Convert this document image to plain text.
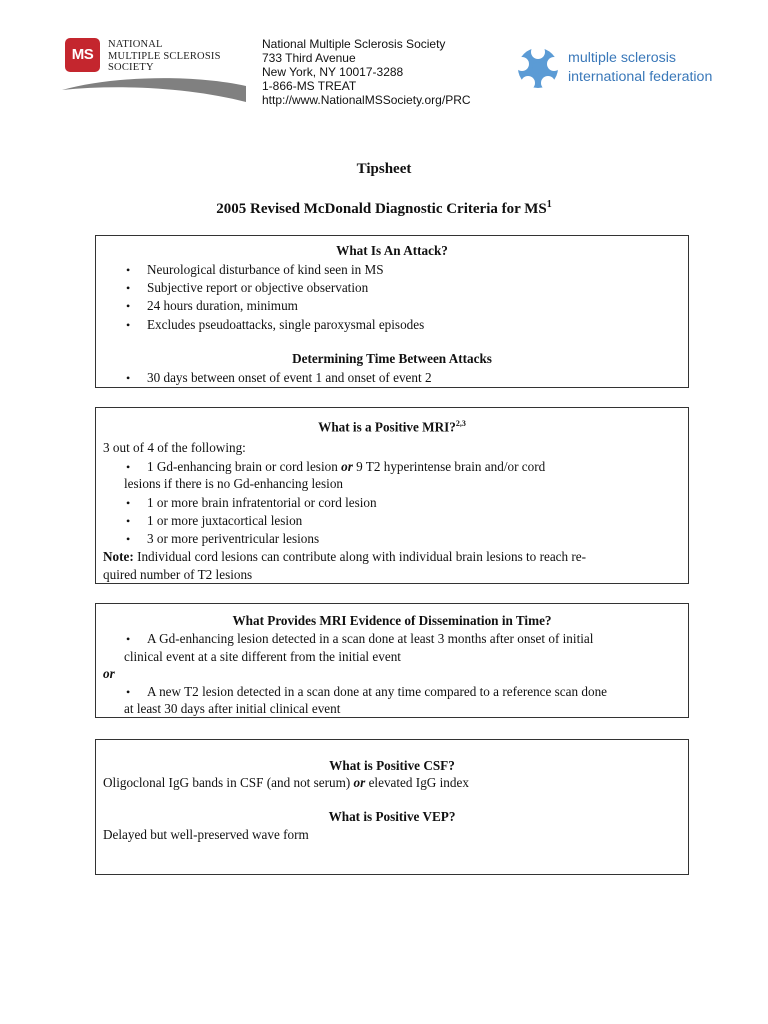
MS
NATIONAL
MULTIPLE SCLEROSIS
SOCIETY
National Multiple Sclerosis Society
733 Third Avenue
New York, NY 10017-3288
1-866-MS TREAT
http://www.NationalMSSociety.org/PRC
multiple sclerosis
international federation
Tipsheet
2005 Revised McDonald Diagnostic Criteria for $MS^1$
What Is An Attack?
• Neurological disturbance of kind seen in MS
• Subjective report or objective observation
• 24 hours duration, minimum
• Excludes pseudoattacks, single paroxysmal episodes
Determining Time Between Attacks
• 30 days between onset of event 1 and onset of event 2
What is a Positive MRI?$^{2,3}$
3 out of 4 of the following:
• 1 Gd-enhancing brain or cord lesion or 9 T2 hyperintense brain and/or cord
lesions if there is no Gd-enhancing lesion
• 1 or more brain infratentorial or cord lesion
• 1 or more juxtacortical lesion
• 3 or more periventricular lesions
Note: Individual cord lesions can contribute along with individual brain lesions to reach re-
quired number of T2 lesions
What Provides MRI Evidence of Dissemination in Time?
• A Gd-enhancing lesion detected in a scan done at least 3 months after onset of initial
clinical event at a site different from the initial event
or
• A new T2 lesion detected in a scan done at any time compared to a reference scan done
at least 30 days after initial clinical event
What is Positive CSF?
Oligoclonal IgG bands in CSF (and not serum) or elevated IgG index
What is Positive VEP?
Delayed but well-preserved wave form
